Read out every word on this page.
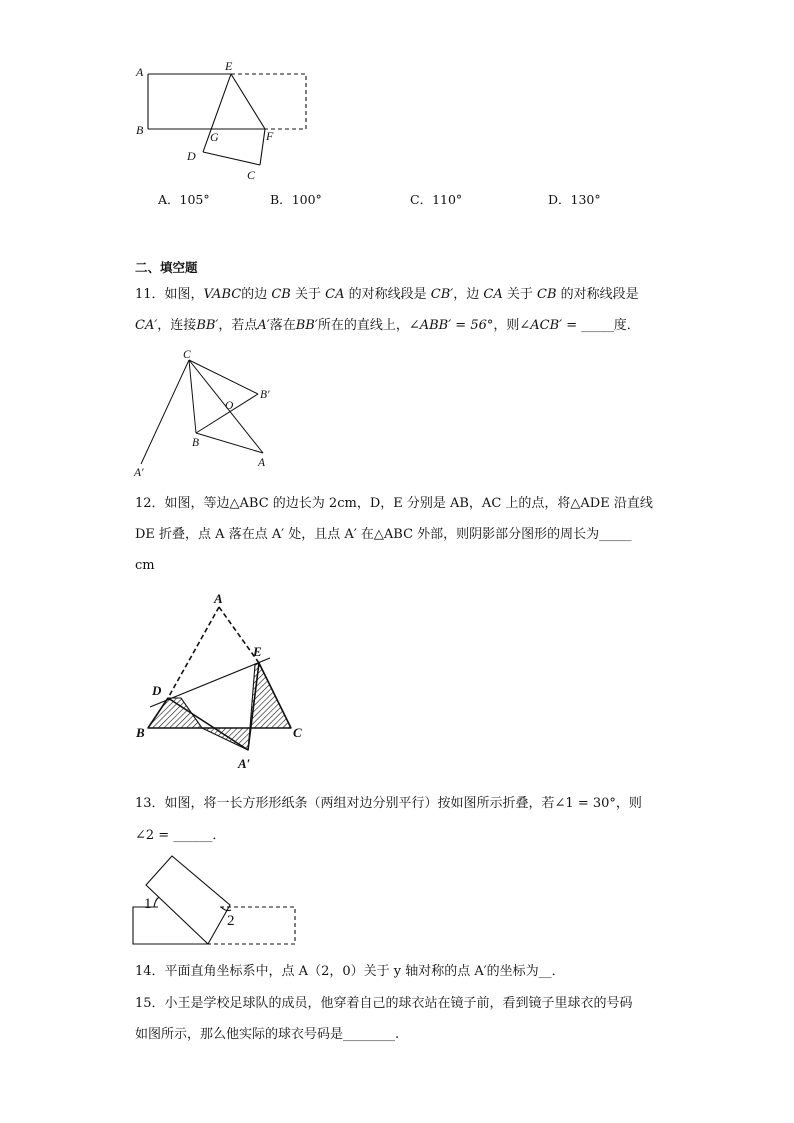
A
B
E
G	F
D
C
A．105°	B．100°	C．110°	D．130°
二、填空题
11．如图，VABC的边 CB 关于 CA 的对称线段是 CB′，边 CA 关于 CB 的对称线段是
CA′，连接BB′，若点A′落在BB′所在的直线上，∠ABB′ = 56°，则∠ACB′ = _____度．
C
B′
O
B
A
A′
12．如图，等边△ABC 的边长为 2cm，D，E 分别是 AB，AC 上的点，将△ADE 沿直线
DE 折叠，点 A 落在点 A′ 处，且点 A′ 在△ABC 外部，则阴影部分图形的周长为_____
cm
A
E
D
B	C
A′
13．如图，将一长方形形纸条（两组对边分别平行）按如图所示折叠，若∠1 = 30°，则
∠2 = ______．
1
2
14．平面直角坐标系中，点 A（2，0）关于 y 轴对称的点 A′的坐标为__．
15．小王是学校足球队的成员，他穿着自己的球衣站在镜子前，看到镜子里球衣的号码
如图所示，那么他实际的球衣号码是________.
